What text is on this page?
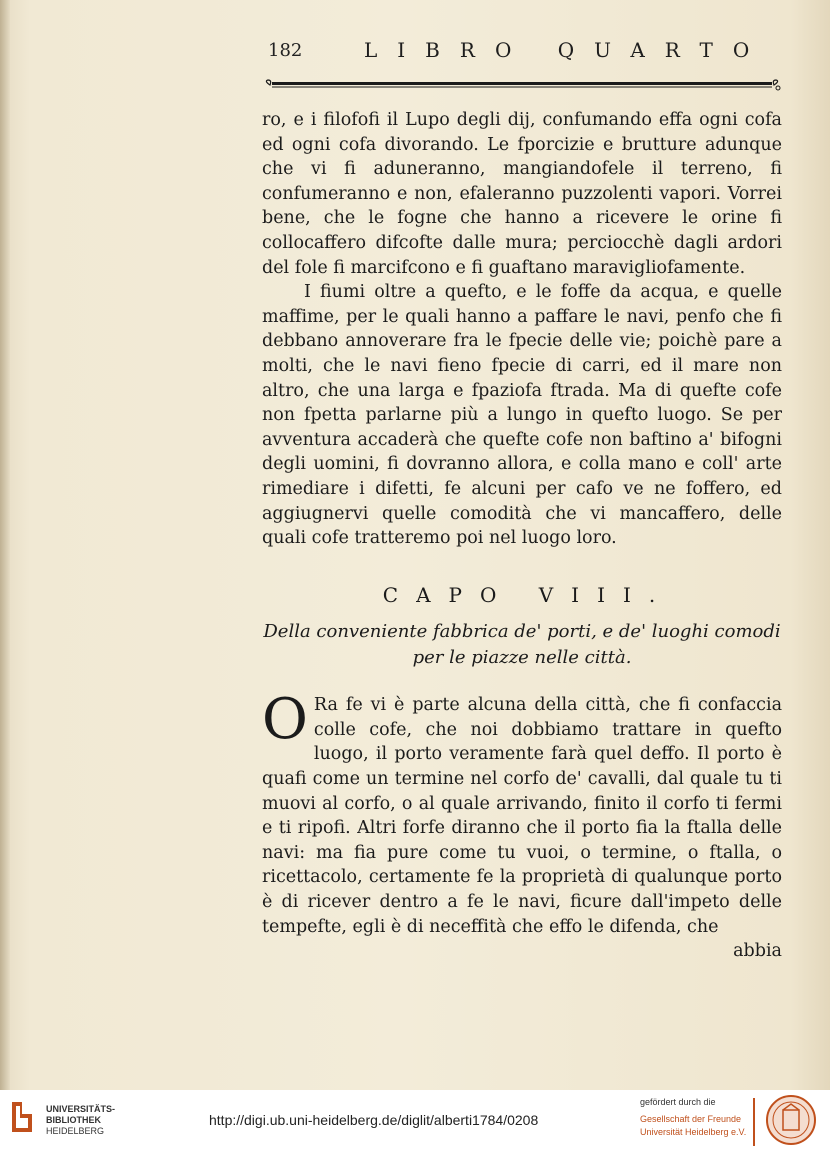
182	LIBRO QUARTO

ro, e i filofofi il Lupo degli dij, confumando effa ogni cofa ed ogni cofa divorando. Le fporcizie e brutture adunque che vi fi aduneranno, mangiandofele il terreno, fi confumeranno e non, efaleranno puzzolenti vapori. Vorrei bene, che le fogne che hanno a ricevere le orine fi collocaffero difcofte dalle mura; perciocchè dagli ardori del fole fi marcifcono e fi guaftano maravigliofamente.

I fiumi oltre a quefto, e le foffe da acqua, e quelle maffime, per le quali hanno a paffare le navi, penfo che fi debbano annoverare fra le fpecie delle vie; poichè pare a molti, che le navi fieno fpecie di carri, ed il mare non altro, che una larga e fpaziofa ftrada. Ma di quefte cofe non fpetta parlarne più a lungo in quefto luogo. Se per avventura accaderà che quefte cofe non baftino a' bifogni degli uomini, fi dovranno allora, e colla mano e coll' arte rimediare i difetti, fe alcuni per cafo ve ne foffero, ed aggiugnervi quelle comodità che vi mancaffero, delle quali cofe tratteremo poi nel luogo loro.

CAPO VIII.
Della conveniente fabbrica de' porti, e de' luoghi comodi
per le piazze nelle città.

O Ra fe vi è parte alcuna della città, che fi confaccia colle cofe, che noi dobbiamo trattare in quefto luogo, il porto veramente farà quel deffo. Il porto è quafi come un termine nel corfo de' cavalli, dal quale tu ti muovi al corfo, o al quale arrivando, finito il corfo ti fermi e ti ripofi. Altri forfe diranno che il porto fia la ftalla delle navi: ma fia pure come tu vuoi, o termine, o ftalla, o ricettacolo, certamente fe la proprietà di qualunque porto è di ricever dentro a fe le navi, ficure dall'impeto delle tempefte, egli è di neceffità che effo le difenda, che

abbia

UNIVERSITÄTS-
BIBLIOTHEK
HEIDELBERG
http://digi.ub.uni-heidelberg.de/diglit/alberti1784/0208
gefördert durch die
Gesellschaft der Freunde
Universität Heidelberg e.V.
